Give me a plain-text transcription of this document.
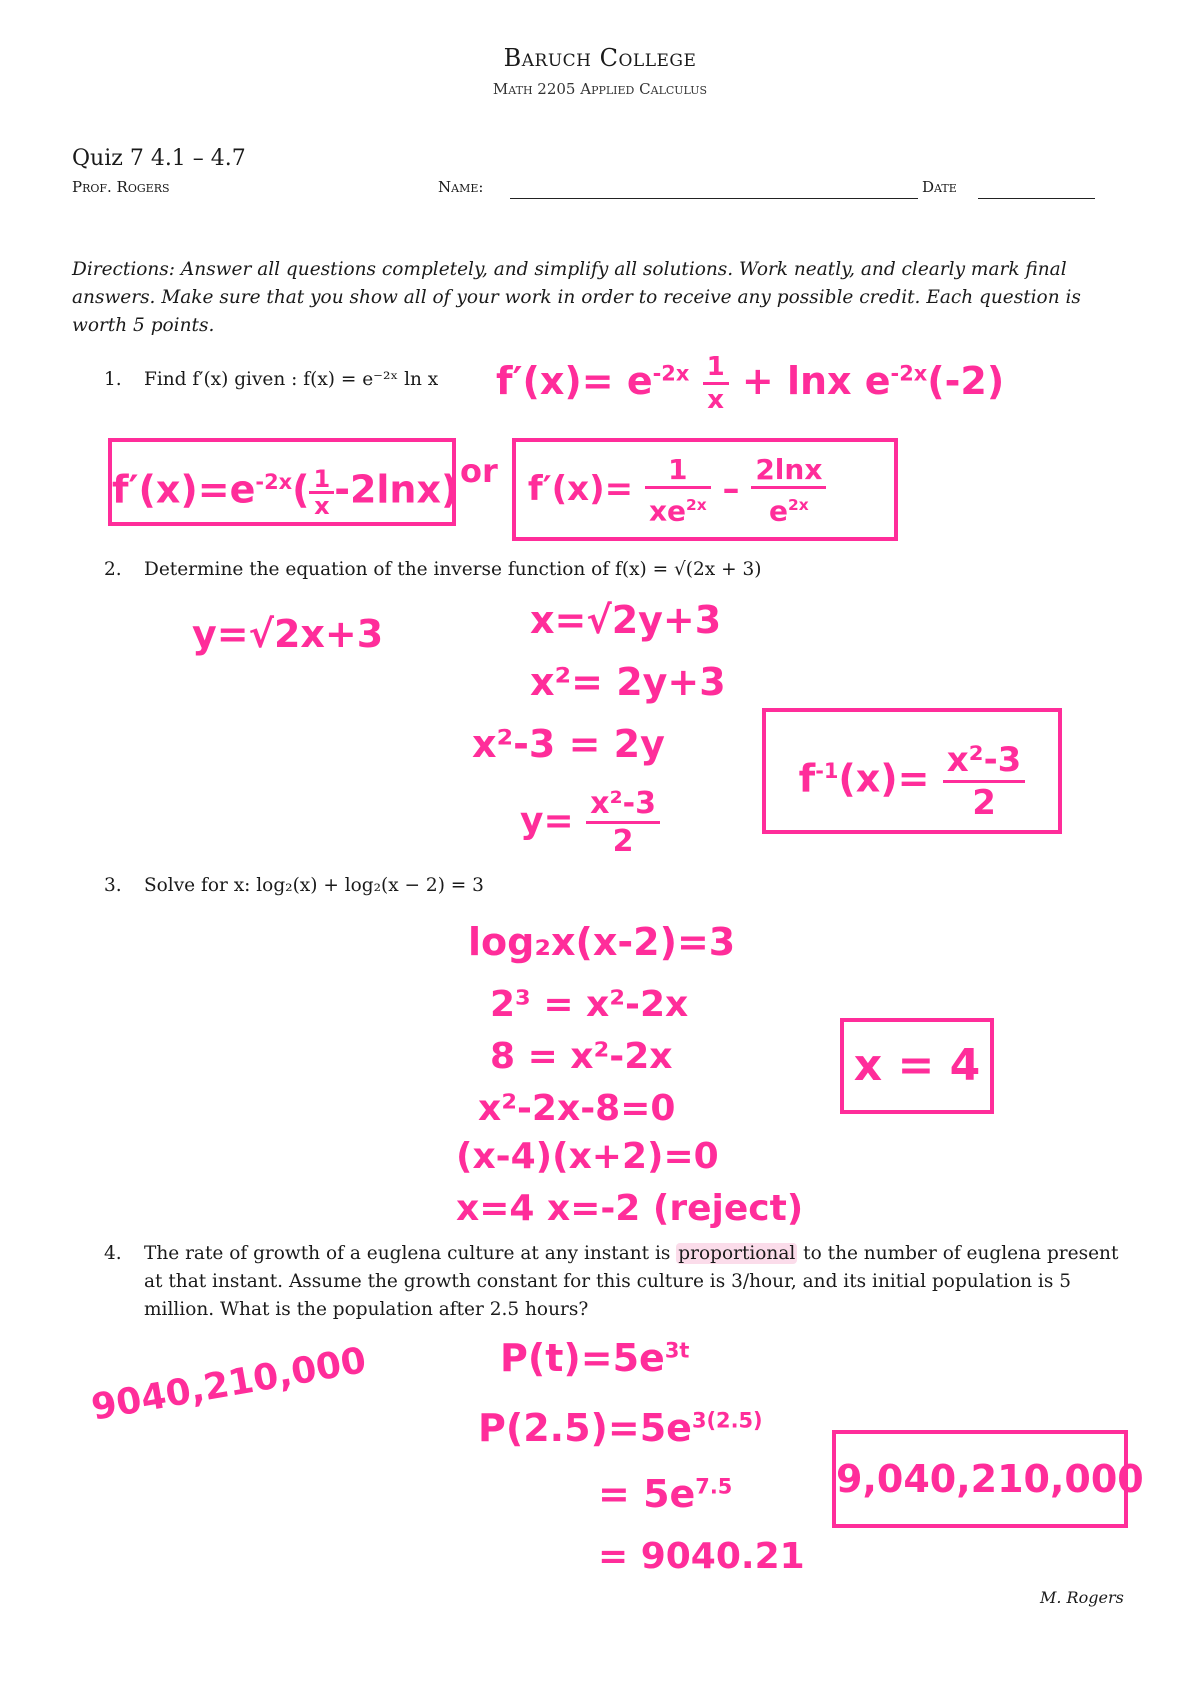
Baruch College
Math 2205 Applied Calculus
Quiz 7 4.1 – 4.7
Prof. Rogers	Name:	Date
Directions: Answer all questions completely, and simplify all solutions. Work neatly, and clearly mark final answers. Make sure that you show all of your work in order to receive any possible credit. Each question is worth 5 points.
1. Find f′(x) given : f(x) = e⁻²ˣ ln x $f'(x)= e^{-2x} \frac{1}{x} + \ln x$ $e^{-2x}(-2)$
$f'(x)=e^{-2x}( \frac{1}{x} -2\ln x)$ or $f'(x)= \frac{1}{xe^{2x}} - \frac{2\ln x}{e^{2x}}$
2. Determine the equation of the inverse function of f(x) = √(2x + 3)
y=√2x+3	x=√2y+3
x²= 2y+3
x²-3 = 2y
$y= \frac{\text{x²-3}}{2}$
$f^{-1}(x)= \frac{\text{x²-3}}{2}$
3. Solve for x: log₂(x) + log₂(x − 2) = 3
log₂x(x-2)=3
2³ = x²-2x
8 = x²-2x
x²-2x-8=0
(x-4)(x+2)=0
x=4 x=-2 (reject)
x = 4
4. The rate of growth of a euglena culture at any instant is proportional to the number of euglena present at that instant. Assume the growth constant for this culture is 3/hour, and its initial population is 5 million. What is the population after 2.5 hours?
9040,210,000	$P(t)=5e^{3t}$
$P(2.5)=5e^{3(2.5)}$
= $5e^{7.5}$
= 9040.21
9,040,210,000
M. Rogers
